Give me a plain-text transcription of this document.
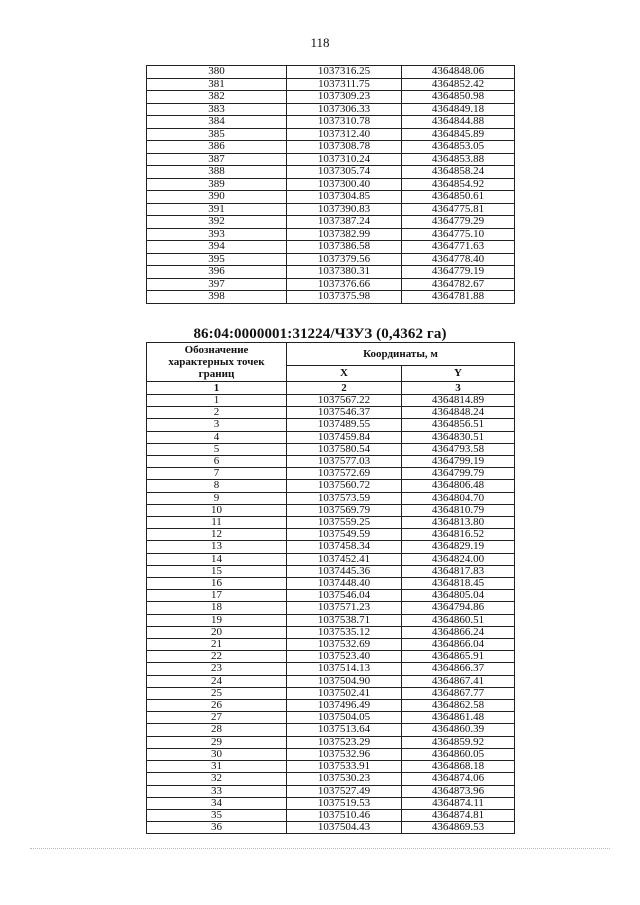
118
380	1037316.25	4364848.06
381	1037311.75	4364852.42
382	1037309.23	4364850.98
383	1037306.33	4364849.18
384	1037310.78	4364844.88
385	1037312.40	4364845.89
386	1037308.78	4364853.05
387	1037310.24	4364853.88
388	1037305.74	4364858.24
389	1037300.40	4364854.92
390	1037304.85	4364850.61
391	1037390.83	4364775.81
392	1037387.24	4364779.29
393	1037382.99	4364775.10
394	1037386.58	4364771.63
395	1037379.56	4364778.40
396	1037380.31	4364779.19
397	1037376.66	4364782.67
398	1037375.98	4364781.88
86:04:0000001:31224/ЧЗУЗ (0,4362 га)
Обозначение характерных точек границ	Координаты, м	
	X	Y
1	2	3
1	1037567.22	4364814.89
2	1037546.37	4364848.24
3	1037489.55	4364856.51
4	1037459.84	4364830.51
5	1037580.54	4364793.58
6	1037577.03	4364799.19
7	1037572.69	4364799.79
8	1037560.72	4364806.48
9	1037573.59	4364804.70
10	1037569.79	4364810.79
11	1037559.25	4364813.80
12	1037549.59	4364816.52
13	1037458.34	4364829.19
14	1037452.41	4364824.00
15	1037445.36	4364817.83
16	1037448.40	4364818.45
17	1037546.04	4364805.04
18	1037571.23	4364794.86
19	1037538.71	4364860.51
20	1037535.12	4364866.24
21	1037532.69	4364866.04
22	1037523.40	4364865.91
23	1037514.13	4364866.37
24	1037504.90	4364867.41
25	1037502.41	4364867.77
26	1037496.49	4364862.58
27	1037504.05	4364861.48
28	1037513.64	4364860.39
29	1037523.29	4364859.92
30	1037532.96	4364860.05
31	1037533.91	4364868.18
32	1037530.23	4364874.06
33	1037527.49	4364873.96
34	1037519.53	4364874.11
35	1037510.46	4364874.81
36	1037504.43	4364869.53
